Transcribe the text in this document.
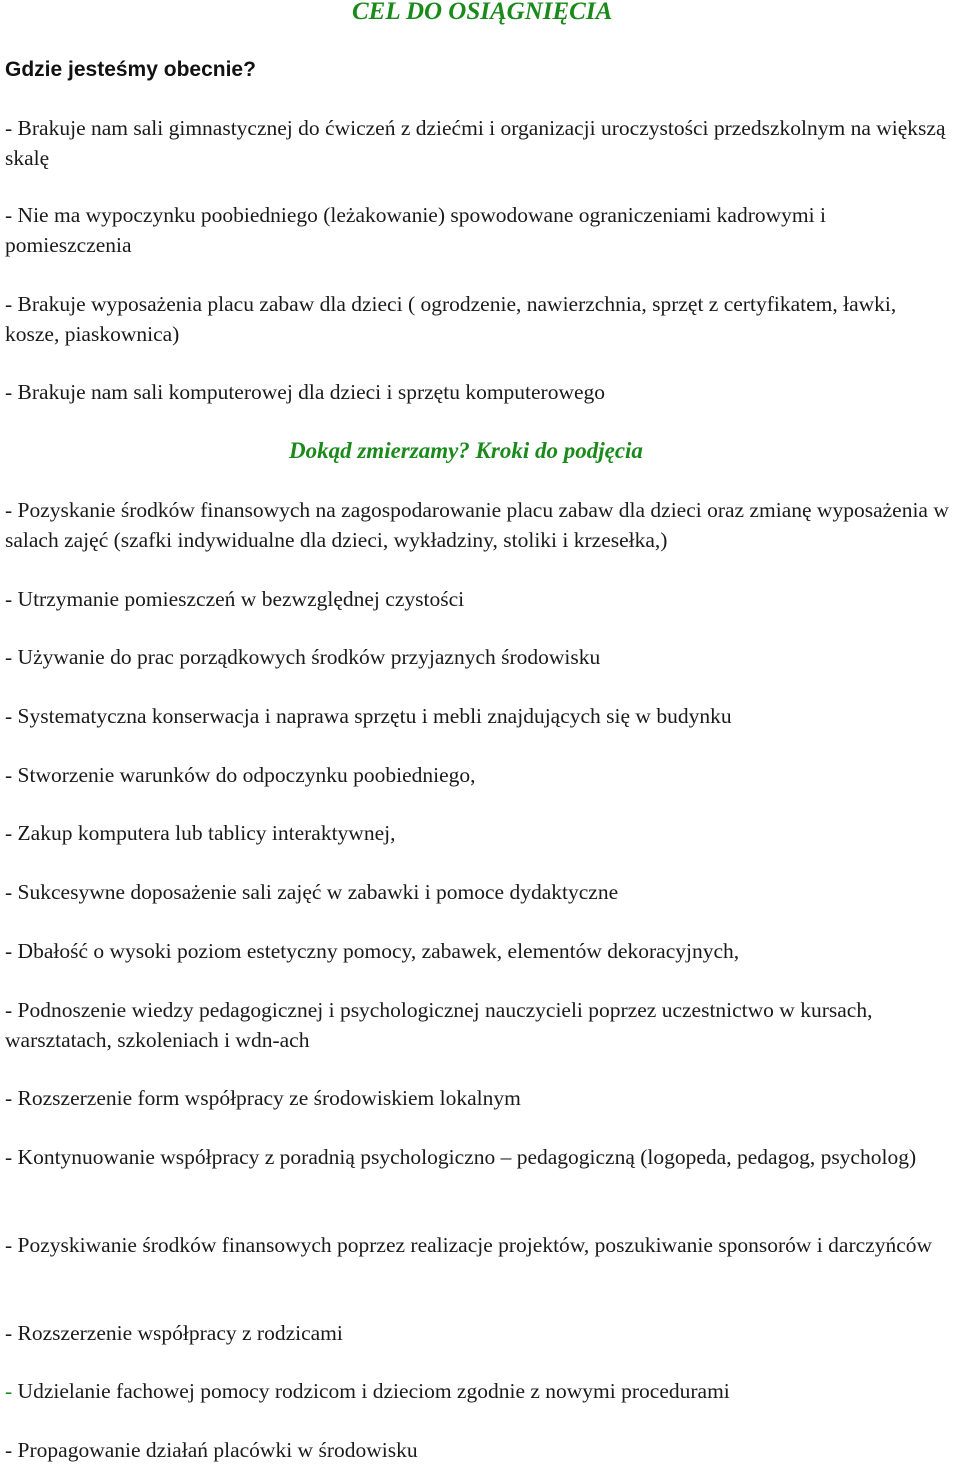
CEL DO OSIĄGNIĘCIA
Gdzie jesteśmy obecnie?
- Brakuje nam sali gimnastycznej do ćwiczeń z dziećmi i organizacji uroczystości przedszkolnym na większą skalę
- Nie ma wypoczynku poobiedniego (leżakowanie) spowodowane ograniczeniami kadrowymi i pomieszczenia
- Brakuje wyposażenia placu zabaw dla dzieci ( ogrodzenie, nawierzchnia, sprzęt z certyfikatem, ławki, kosze, piaskownica)
- Brakuje nam sali komputerowej dla dzieci i sprzętu komputerowego
Dokąd zmierzamy? Kroki do podjęcia
- Pozyskanie środków finansowych na zagospodarowanie placu zabaw dla dzieci oraz zmianę wyposażenia w salach zajęć (szafki indywidualne dla dzieci, wykładziny, stoliki i krzesełka,)
- Utrzymanie pomieszczeń w bezwzględnej czystości
- Używanie do prac porządkowych środków przyjaznych środowisku
- Systematyczna konserwacja i naprawa sprzętu i mebli znajdujących się w budynku
- Stworzenie warunków do odpoczynku poobiedniego,
- Zakup komputera lub tablicy interaktywnej,
- Sukcesywne doposażenie sali zajęć w zabawki i pomoce dydaktyczne
- Dbałość o wysoki poziom estetyczny pomocy, zabawek, elementów dekoracyjnych,
- Podnoszenie wiedzy pedagogicznej i psychologicznej nauczycieli poprzez uczestnictwo w kursach, warsztatach, szkoleniach i wdn-ach
- Rozszerzenie form współpracy ze środowiskiem lokalnym
- Kontynuowanie współpracy z poradnią psychologiczno – pedagogiczną (logopeda, pedagog, psycholog)
- Pozyskiwanie środków finansowych poprzez realizacje projektów, poszukiwanie sponsorów i darczyńców
- Rozszerzenie współpracy z rodzicami
- Udzielanie fachowej pomocy rodzicom i dzieciom zgodnie z nowymi procedurami
- Propagowanie działań placówki w środowisku
